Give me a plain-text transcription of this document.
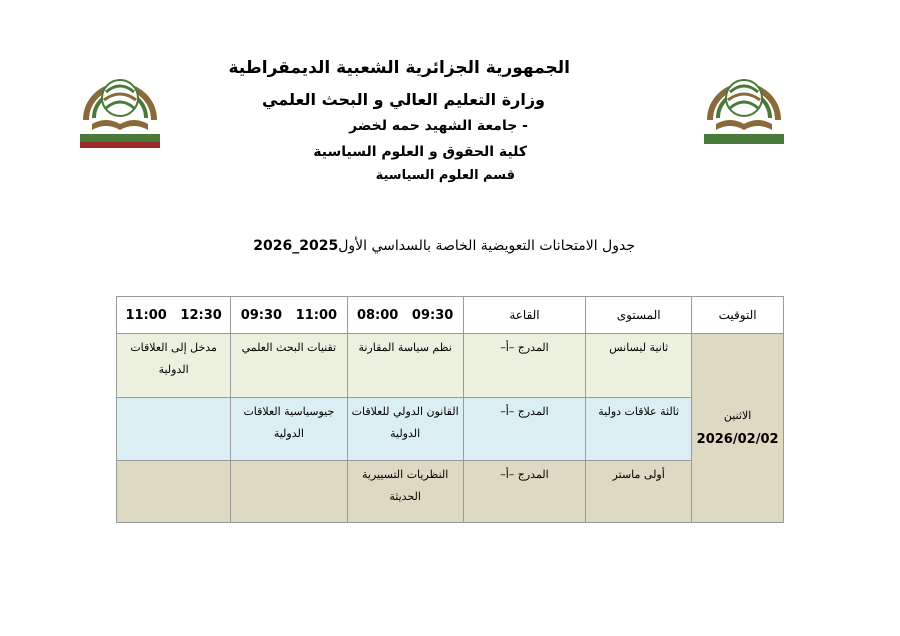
الجمهورية الجزائرية الشعبية الديمقراطية
وزارة التعليم العالي و البحث العلمي
- جامعة الشهيد حمه لخضر
كلية الحقوق و العلوم السياسية
قسم العلوم السياسية
جدول الامتحانات التعويضية الخاصة بالسداسي الأول2025_2026
التوقيت	المستوى	القاعة	08:00   09:30	09:30   11:00	11:00   12:30

الاثنين
2026/02/02	ثانية ليسانس	المدرج –أ–	نظم سياسة المقارنة	تقنيات البحث العلمي	مدخل إلى العلاقات الدولية
	ثالثة علاقات دولية	المدرج –أ–	القانون الدولي للعلاقات الدولية	جيوسياسية العلاقات الدولية	
	أولى ماستر	المدرج –أ–	النظريات التسييرية الحديثة		
